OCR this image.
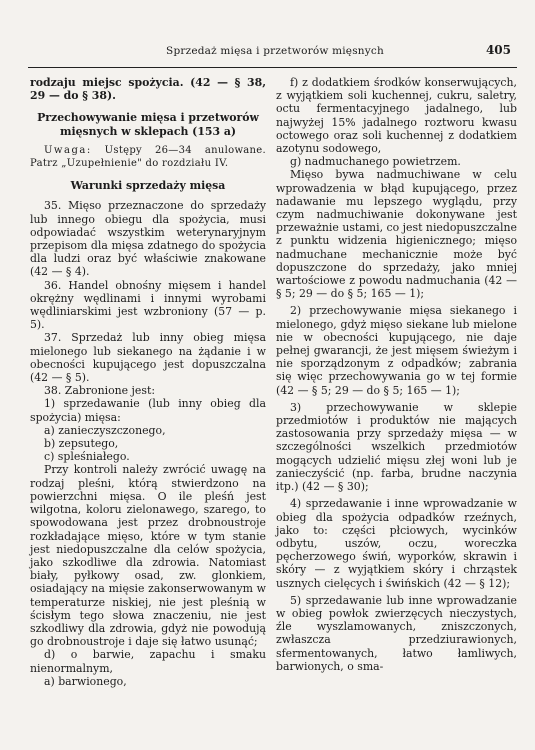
Sprzedaż mięsa i przetworów mięsnych	405

rodzaju miejsc spożycia. (42 — § 38, 29 — do § 38).

Przechowywanie mięsa i przetworów mięsnych w sklepach (153 a)

Uwaga: Ustępy 26—34 anulowane. Patrz „Uzupełnienie" do rozdziału IV.

Warunki sprzedaży mięsa

35. Mięso przeznaczone do sprzedaży lub innego obiegu dla spożycia, musi odpowiadać wszystkim weterynaryjnym przepisom dla mięsa zdatnego do spożycia dla ludzi oraz być właściwie znakowane (42 — § 4).

36. Handel obnośny mięsem i handel okrężny wędlinami i innymi wyrobami wędliniarskimi jest wzbroniony (57 — p. 5).

37. Sprzedaż lub inny obieg mięsa mielonego lub siekanego na żądanie i w obecności kupującego jest dopuszczalna (42 — § 5).

38. Zabronione jest:

1) sprzedawanie (lub inny obieg dla spożycia) mięsa:

a) zanieczyszczonego,

b) zepsutego,

c) spleśniałego.

Przy kontroli należy zwrócić uwagę na rodzaj pleśni, którą stwierdzono na powierzchni mięsa. O ile pleśń jest wilgotna, koloru zielonawego, szarego, to spowodowana jest przez drobnoustroje rozkładające mięso, które w tym stanie jest niedopuszczalne dla celów spożycia, jako szkodliwe dla zdrowia. Natomiast biały, pyłkowy osad, zw. glonkiem, osiadający na mięsie zakonserwowanym w temperaturze niskiej, nie jest pleśnią w ścisłym tego słowa znaczeniu, nie jest szkodliwy dla zdrowia, gdyż nie powodują go drobnoustroje i daje się łatwo usunąć;

d) o barwie, zapachu i smaku nienormalnym,

a) barwionego,

f) z dodatkiem środków konserwujących, z wyjątkiem soli kuchennej, cukru, saletry, octu fermentacyjnego jadalnego, lub najwyżej 15% jadalnego roztworu kwasu octowego oraz soli kuchennej z dodatkiem azotynu sodowego,

g) nadmuchanego powietrzem.

Mięso bywa nadmuchiwane w celu wprowadzenia w błąd kupującego, przez nadawanie mu lepszego wyglądu, przy czym nadmuchiwanie dokonywane jest przeważnie ustami, co jest niedopuszczalne z punktu widzenia higienicznego; mięso nadmuchane mechanicznie może być dopuszczone do sprzedaży, jako mniej wartościowe z powodu nadmuchania (42 — § 5; 29 — do § 5; 165 — 1);

2) przechowywanie mięsa siekanego i mielonego, gdyż mięso siekane lub mielone nie w obecności kupującego, nie daje pełnej gwarancji, że jest mięsem świeżym i nie sporządzonym z odpadków; zabrania się więc przechowywania go w tej formie (42 — § 5; 29 — do § 5; 165 — 1);

3) przechowywanie w sklepie przedmiotów i produktów nie mających zastosowania przy sprzedaży mięsa — w szczególności wszelkich przedmiotów mogących udzielić mięsu złej woni lub je zanieczyścić (np. farba, brudne naczynia itp.) (42 — § 30);

4) sprzedawanie i inne wprowadzanie w obieg dla spożycia odpadków rzeźnych, jako to: części płciowych, wycinków odbytu, uszów, oczu, woreczka pęcherzowego świń, wyporków, skrawin i skóry — z wyjątkiem skóry i chrząstek usznych cielęcych i świńskich (42 — § 12);

5) sprzedawanie lub inne wprowadzanie w obieg powłok zwierzęcych nieczystych, źle wyszlamowanych, zniszczonych, zwłaszcza przedziurawionych, sfermentowanych, łatwo łamliwych, barwionych, o sma-
